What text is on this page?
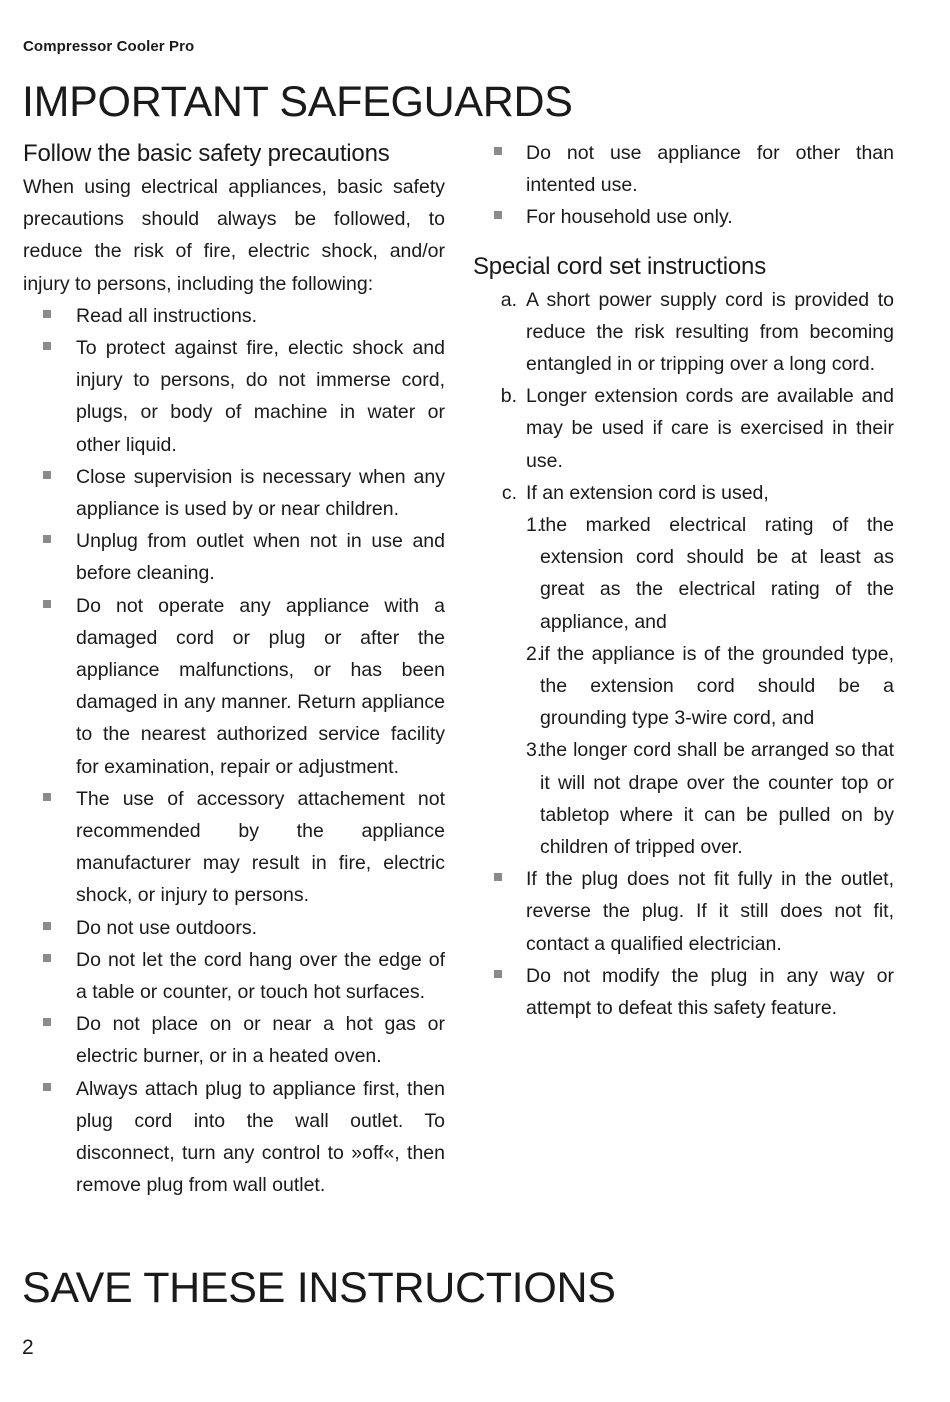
Compressor Cooler Pro
IMPORTANT SAFEGUARDS
Follow the basic safety precautions

When using electrical appliances, basic safety precautions should always be followed, to reduce the risk of fire, electric shock, and/or injury to persons, including the following:

Read all instructions.
To protect against fire, electic shock and injury to persons, do not immerse cord, plugs, or body of machine in water or other liquid.
Close supervision is necessary when any appliance is used by or near children.
Unplug from outlet when not in use and before cleaning.
Do not operate any appliance with a damaged cord or plug or after the appliance malfunctions, or has been damaged in any manner. Return appliance to the nearest authorized service facility for examination, repair or adjustment.
The use of accessory attachement not recommended by the appliance manufacturer may result in fire, electric shock, or injury to persons.
Do not use outdoors.
Do not let the cord hang over the edge of a table or counter, or touch hot surfaces.
Do not place on or near a hot gas or electric burner, or in a heated oven.
Always attach plug to appliance first, then plug cord into the wall outlet. To disconnect, turn any control to »off«, then remove plug from wall outlet.
Do not use appliance for other than intented use.
For household use only.
Special cord set instructions
a. A short power supply cord is provided to reduce the risk resulting from becoming entangled in or tripping over a long cord.
b. Longer extension cords are available and may be used if care is exercised in their use.
c. If an extension cord is used,
1.
the marked electrical rating of the extension cord should be at least as great as the electrical rating of the appliance, and
2.
if the appliance is of the grounded type, the extension cord should be a grounding type 3-wire cord, and
3.
the longer cord shall be arranged so that it will not drape over the counter top or tabletop where it can be pulled on by children of tripped over.
If the plug does not fit fully in the outlet, reverse the plug. If it still does not fit, contact a qualified electrician.
Do not modify the plug in any way or attempt to defeat this safety feature.
SAVE THESE INSTRUCTIONS
2
